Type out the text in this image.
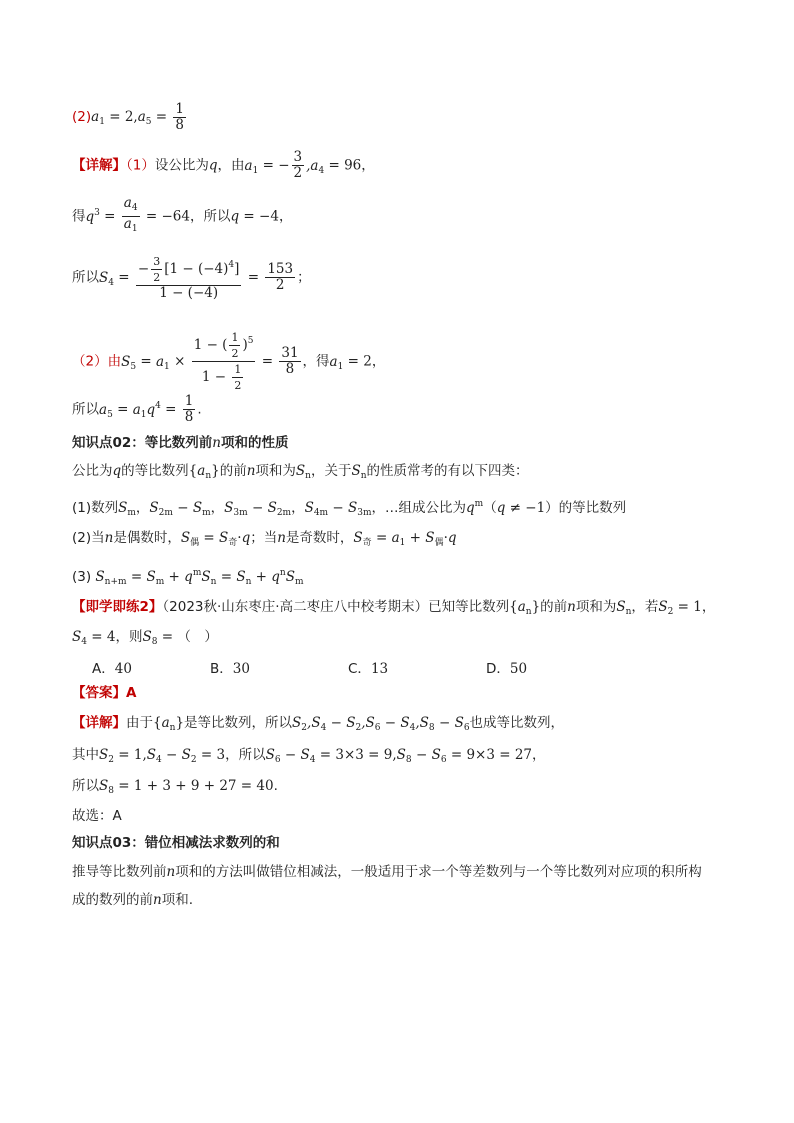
$(2)a_1 = 2,a_5 = \frac{1}{8}$
【详解】（1）设公比为q，由$a_1$ = − $\frac{3}{2} ,a_4 = 96$，
得$q^3 = \frac{a_4}{a_1} = -64$，所以q = −4，
所以$S_4 = \frac{- \frac{3}{2} [1 - (-4)^4]}{1 - (-4)} = \frac{153}{2}$ ；
（2）由$S_5 = a_1 \times \frac{1 - ( \frac{1}{2} )^5}{1 - \frac{1}{2}} = \frac{31}{8}$ ，得$a_1 = 2$，
所以$a_5 = a_1q^4 = \frac{1}{8}$ .
知识点02：等比数列前n项和的性质
公比为q的等比数列$\{a_n\}$的前n项和为$S_n$，关于$S_n$的性质常考的有以下四类：
(1)数列$S_m$，$S_{2m} - S_m$，$S_{3m} - S_{2m}$，$S_{4m} - S_{3m}$，…组成公比为$q^m(q \ne -1)$的等比数列
(2)当n是偶数时，$S_偶 = S_奇\cdot q$；当n是奇数时，$S_奇 = a_1 + S_偶\cdot q$
(3) $S_{n+m} = S_m + q^mS_n = S_n + q^nS_m$
【即学即练2】（2023秋·山东枣庄·高二枣庄八中校考期末）已知等比数列$\{a_n\}$的前n项和为$S_n$，若$S_2 = 1$，
$S_4 = 4$，则$S_8$ = （　）
A．40	B．30	C．13	D．50
【答案】A
【详解】由于$\{a_n\}$是等比数列，所以$S_2,S_4 - S_2,S_6 - S_4,S_8 - S_6$也成等比数列，
其中$S_2 = 1,S_4 - S_2 = 3$，所以$S_6 - S_4 = 3\times 3 = 9,S_8 - S_6 = 9\times 3 = 27$，
所以$S_8 = 1 + 3 + 9 + 27 = 40$.
故选：A
知识点03：错位相减法求数列的和
推导等比数列前n项和的方法叫做错位相减法，一般适用于求一个等差数列与一个等比数列对应项的积所构
成的数列的前n项和.
